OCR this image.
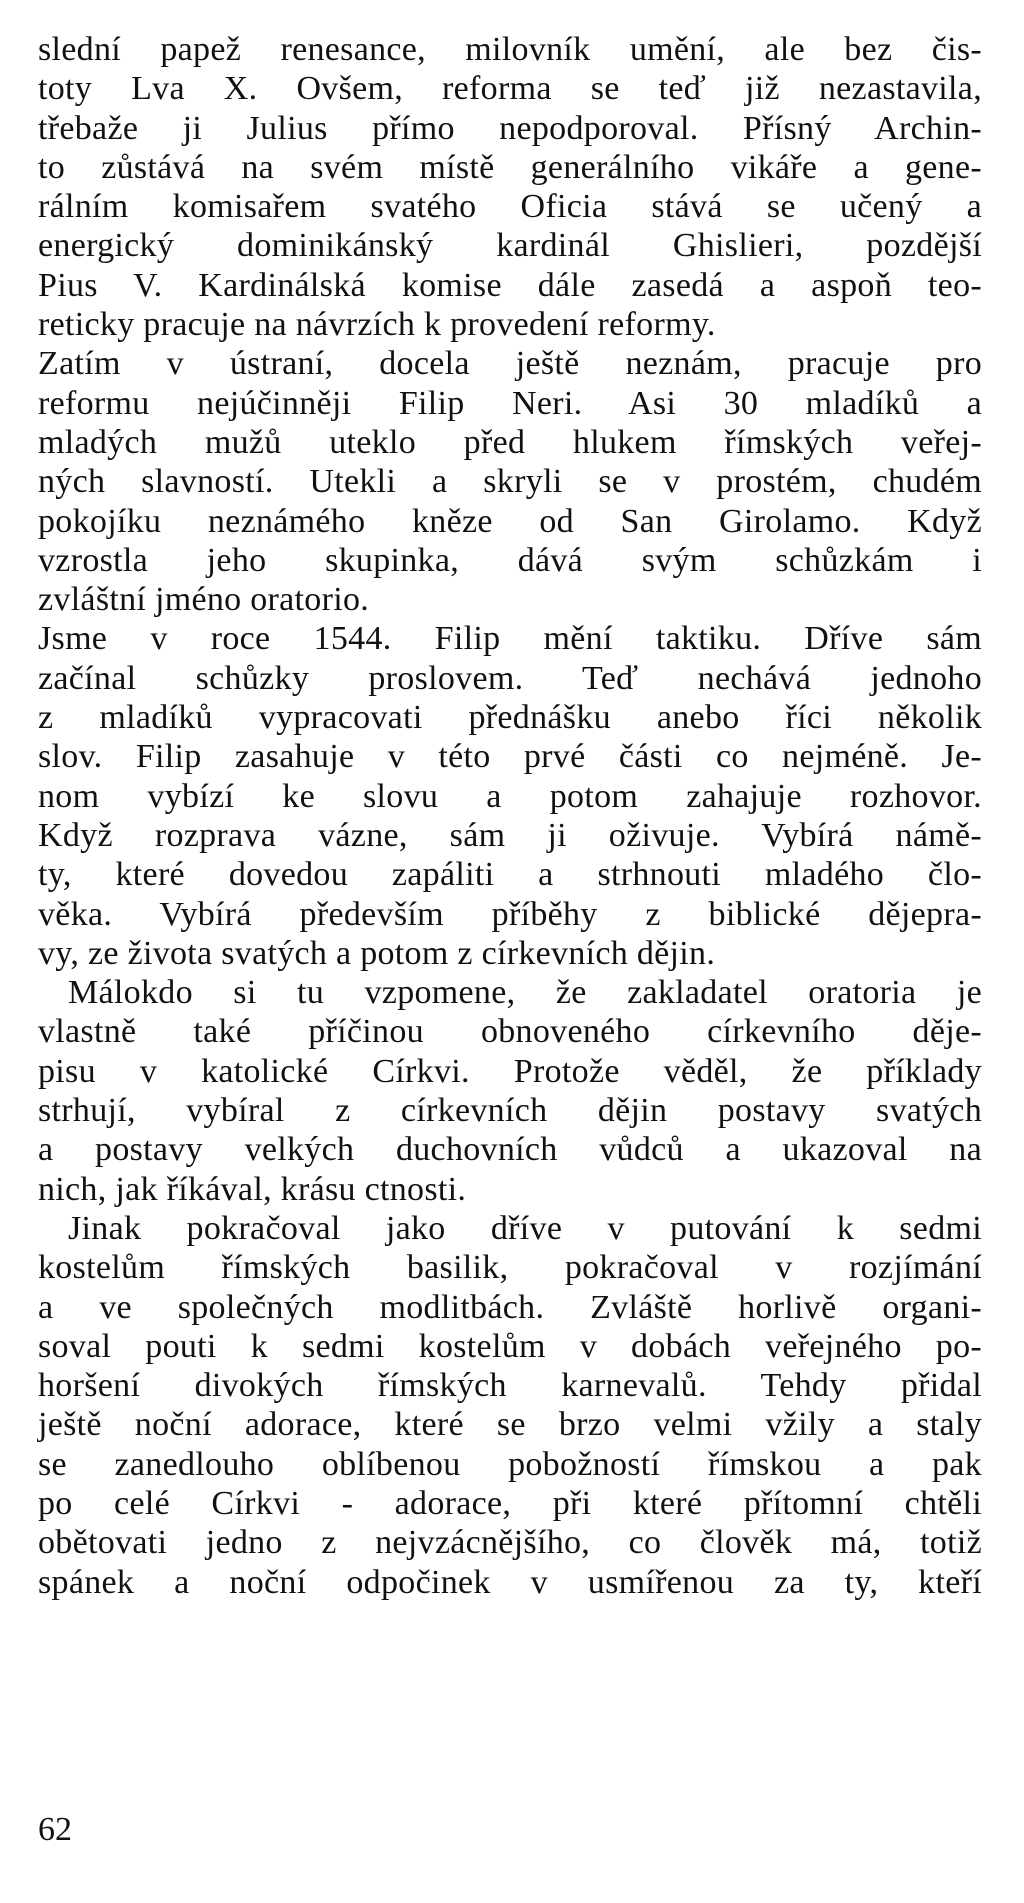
slední papež renesance, milovník umění, ale bez čis-
toty Lva X. Ovšem, reforma se teď již nezastavila,
třebaže ji Julius přímo nepodporoval. Přísný Archin-
to zůstává na svém místě generálního vikáře a gene-
rálním komisařem svatého Oficia stává se učený a
energický dominikánský kardinál Ghislieri, pozdější
Pius V. Kardinálská komise dále zasedá a aspoň teo-
reticky pracuje na návrzích k provedení reformy.
Zatím v ústraní, docela ještě neznám, pracuje pro
reformu nejúčinněji Filip Neri. Asi 30 mladíků a
mladých mužů uteklo před hlukem římských veřej-
ných slavností. Utekli a skryli se v prostém, chudém
pokojíku neznámého kněze od San Girolamo. Když
vzrostla jeho skupinka, dává svým schůzkám i
zvláštní jméno oratorio.
Jsme v roce 1544. Filip mění taktiku. Dříve sám
začínal schůzky proslovem. Teď nechává jednoho
z mladíků vypracovati přednášku anebo říci několik
slov. Filip zasahuje v této prvé části co nejméně. Je-
nom vybízí ke slovu a potom zahajuje rozhovor.
Když rozprava vázne, sám ji oživuje. Vybírá námě-
ty, které dovedou zapáliti a strhnouti mladého člo-
věka. Vybírá především příběhy z biblické dějepra-
vy, ze života svatých a potom z církevních dějin.
Málokdo si tu vzpomene, že zakladatel oratoria je
vlastně také příčinou obnoveného církevního děje-
pisu v katolické Církvi. Protože věděl, že příklady
strhují, vybíral z církevních dějin postavy svatých
a postavy velkých duchovních vůdců a ukazoval na
nich, jak říkával, krásu ctnosti.
Jinak pokračoval jako dříve v putování k sedmi
kostelům římských basilik, pokračoval v rozjímání
a ve společných modlitbách. Zvláště horlivě organi-
soval pouti k sedmi kostelům v dobách veřejného po-
horšení divokých římských karnevalů. Tehdy přidal
ještě noční adorace, které se brzo velmi vžily a staly
se zanedlouho oblíbenou pobožností římskou a pak
po celé Církvi - adorace, při které přítomní chtěli
obětovati jedno z nejvzácnějšího, co člověk má, totiž
spánek a noční odpočinek v usmířenou za ty, kteří
62
